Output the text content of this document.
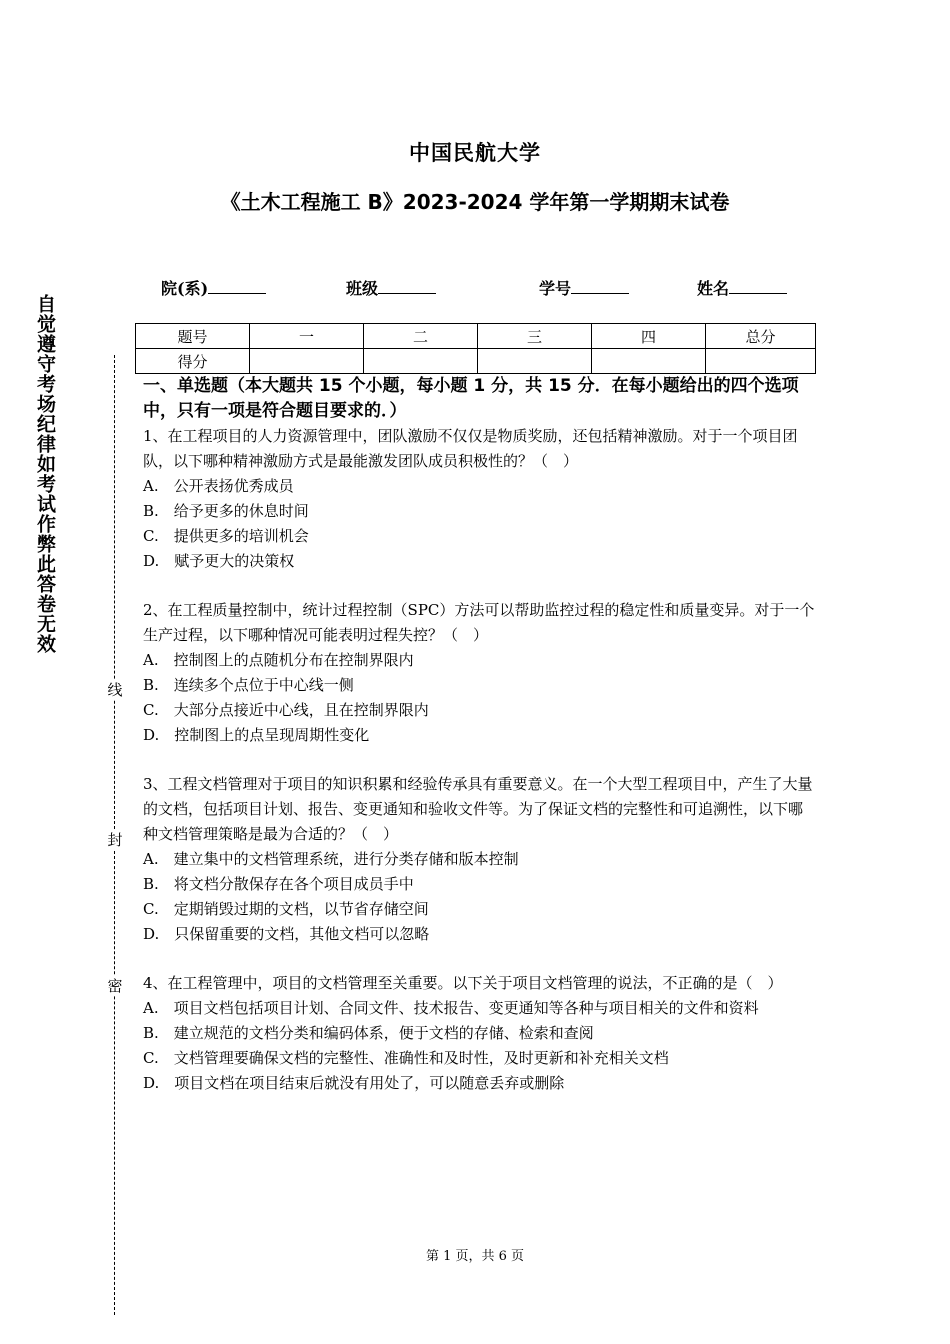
中国民航大学
《土木工程施工 B》2023-2024 学年第一学期期末试卷
院(系)	班级	学号	姓名
题号	一	二	三	四	总分
得分					
自觉遵守考场纪律如考试作弊此答卷无效
线
封
密

一、单选题（本大题共 15 个小题，每小题 1 分，共 15 分．在每小题给出的四个选项中，只有一项是符合题目要求的．）

1、在工程项目的人力资源管理中，团队激励不仅仅是物质奖励，还包括精神激励。对于一个项目团队，以下哪种精神激励方式是最能激发团队成员积极性的？（　）

A.　公开表扬优秀成员

B.　给予更多的休息时间

C.　提供更多的培训机会

D.　赋予更大的决策权

2、在工程质量控制中，统计过程控制（SPC）方法可以帮助监控过程的稳定性和质量变异。对于一个生产过程，以下哪种情况可能表明过程失控？（　）

A.　控制图上的点随机分布在控制界限内

B.　连续多个点位于中心线一侧

C.　大部分点接近中心线，且在控制界限内

D.　控制图上的点呈现周期性变化

3、工程文档管理对于项目的知识积累和经验传承具有重要意义。在一个大型工程项目中，产生了大量的文档，包括项目计划、报告、变更通知和验收文件等。为了保证文档的完整性和可追溯性，以下哪种文档管理策略是最为合适的？（　）

A.　建立集中的文档管理系统，进行分类存储和版本控制

B.　将文档分散保存在各个项目成员手中

C.　定期销毁过期的文档，以节省存储空间

D.　只保留重要的文档，其他文档可以忽略

4、在工程管理中，项目的文档管理至关重要。以下关于项目文档管理的说法，不正确的是（　）

A.　项目文档包括项目计划、合同文件、技术报告、变更通知等各种与项目相关的文件和资料

B.　建立规范的文档分类和编码体系，便于文档的存储、检索和查阅

C.　文档管理要确保文档的完整性、准确性和及时性，及时更新和补充相关文档

D.　项目文档在项目结束后就没有用处了，可以随意丢弃或删除

第 1 页，共 6 页
